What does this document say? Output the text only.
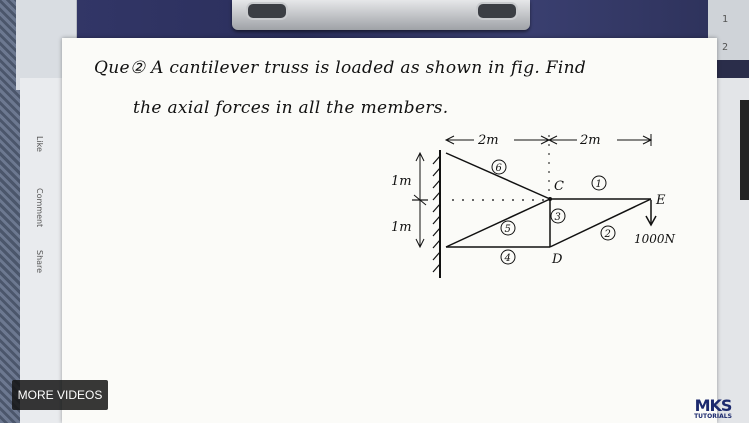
1
2
Like
Comment
Share
Que② A cantilever truss is loaded as shown in fig. Find
the axial forces in all the members.
2m	2m
1m
1m
C
D
E
6
1
3
5	2
4
1000N
MORE VIDEOS
MKS
TUTORIALS
